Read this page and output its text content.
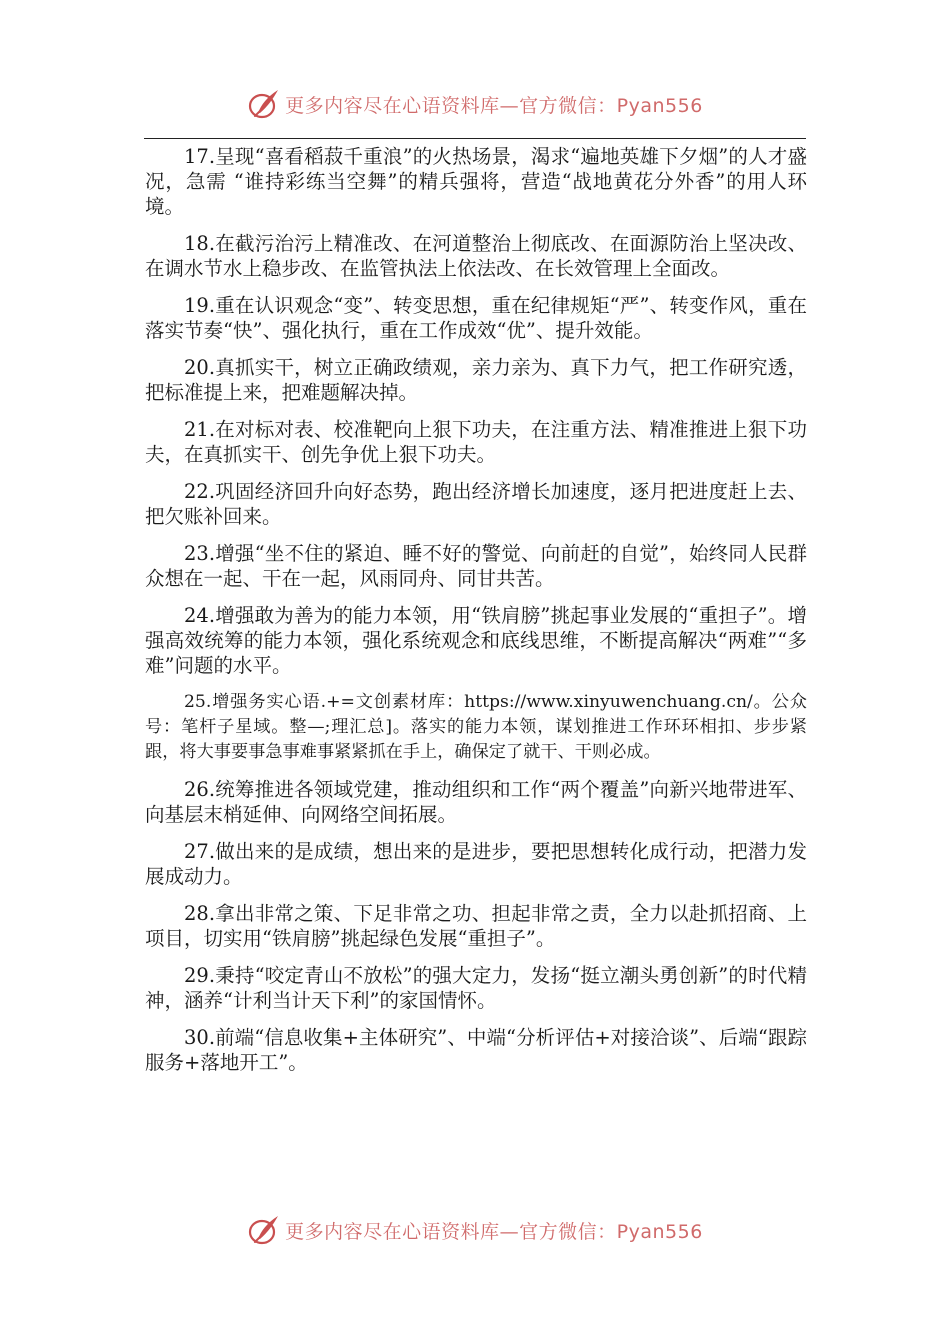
更多内容尽在心语资料库—官方微信：Pyan556

17.呈现“喜看稻菽千重浪”的火热场景，渴求“遍地英雄下夕烟”的人才盛况，急需 “谁持彩练当空舞”的精兵强将，营造“战地黄花分外香”的用人环境。

18.在截污治污上精准改、在河道整治上彻底改、在面源防治上坚决改、在调水节水上稳步改、在监管执法上依法改、在长效管理上全面改。

19.重在认识观念“变”、转变思想，重在纪律规矩“严”、转变作风，重在落实节奏“快”、强化执行，重在工作成效“优”、提升效能。

20.真抓实干，树立正确政绩观，亲力亲为、真下力气，把工作研究透，把标准提上来，把难题解决掉。

21.在对标对表、校准靶向上狠下功夫，在注重方法、精准推进上狠下功夫，在真抓实干、创先争优上狠下功夫。

22.巩固经济回升向好态势，跑出经济增长加速度，逐月把进度赶上去、把欠账补回来。

23.增强“坐不住的紧迫、睡不好的警觉、向前赶的自觉”，始终同人民群众想在一起、干在一起，风雨同舟、同甘共苦。

24.增强敢为善为的能力本领，用“铁肩膀”挑起事业发展的“重担子”。增强高效统筹的能力本领，强化系统观念和底线思维，不断提高解决“两难”“多难”问题的水平。

25.增强务实心语.+=文创素材库：https://www.xinyuwenchuang.cn/。公众号：笔杆子星域。整—;理汇总]。落实的能力本领，谋划推进工作环环相扣、步步紧跟，将大事要事急事难事紧紧抓在手上，确保定了就干、干则必成。

26.统筹推进各领域党建，推动组织和工作“两个覆盖”向新兴地带进军、向基层末梢延伸、向网络空间拓展。

27.做出来的是成绩，想出来的是进步，要把思想转化成行动，把潜力发展成动力。

28.拿出非常之策、下足非常之功、担起非常之责，全力以赴抓招商、上项目，切实用“铁肩膀”挑起绿色发展“重担子”。

29.秉持“咬定青山不放松”的强大定力，发扬“挺立潮头勇创新”的时代精神，涵养“计利当计天下利”的家国情怀。

30.前端“信息收集+主体研究”、中端“分析评估+对接洽谈”、后端“跟踪服务+落地开工”。

更多内容尽在心语资料库—官方微信：Pyan556
